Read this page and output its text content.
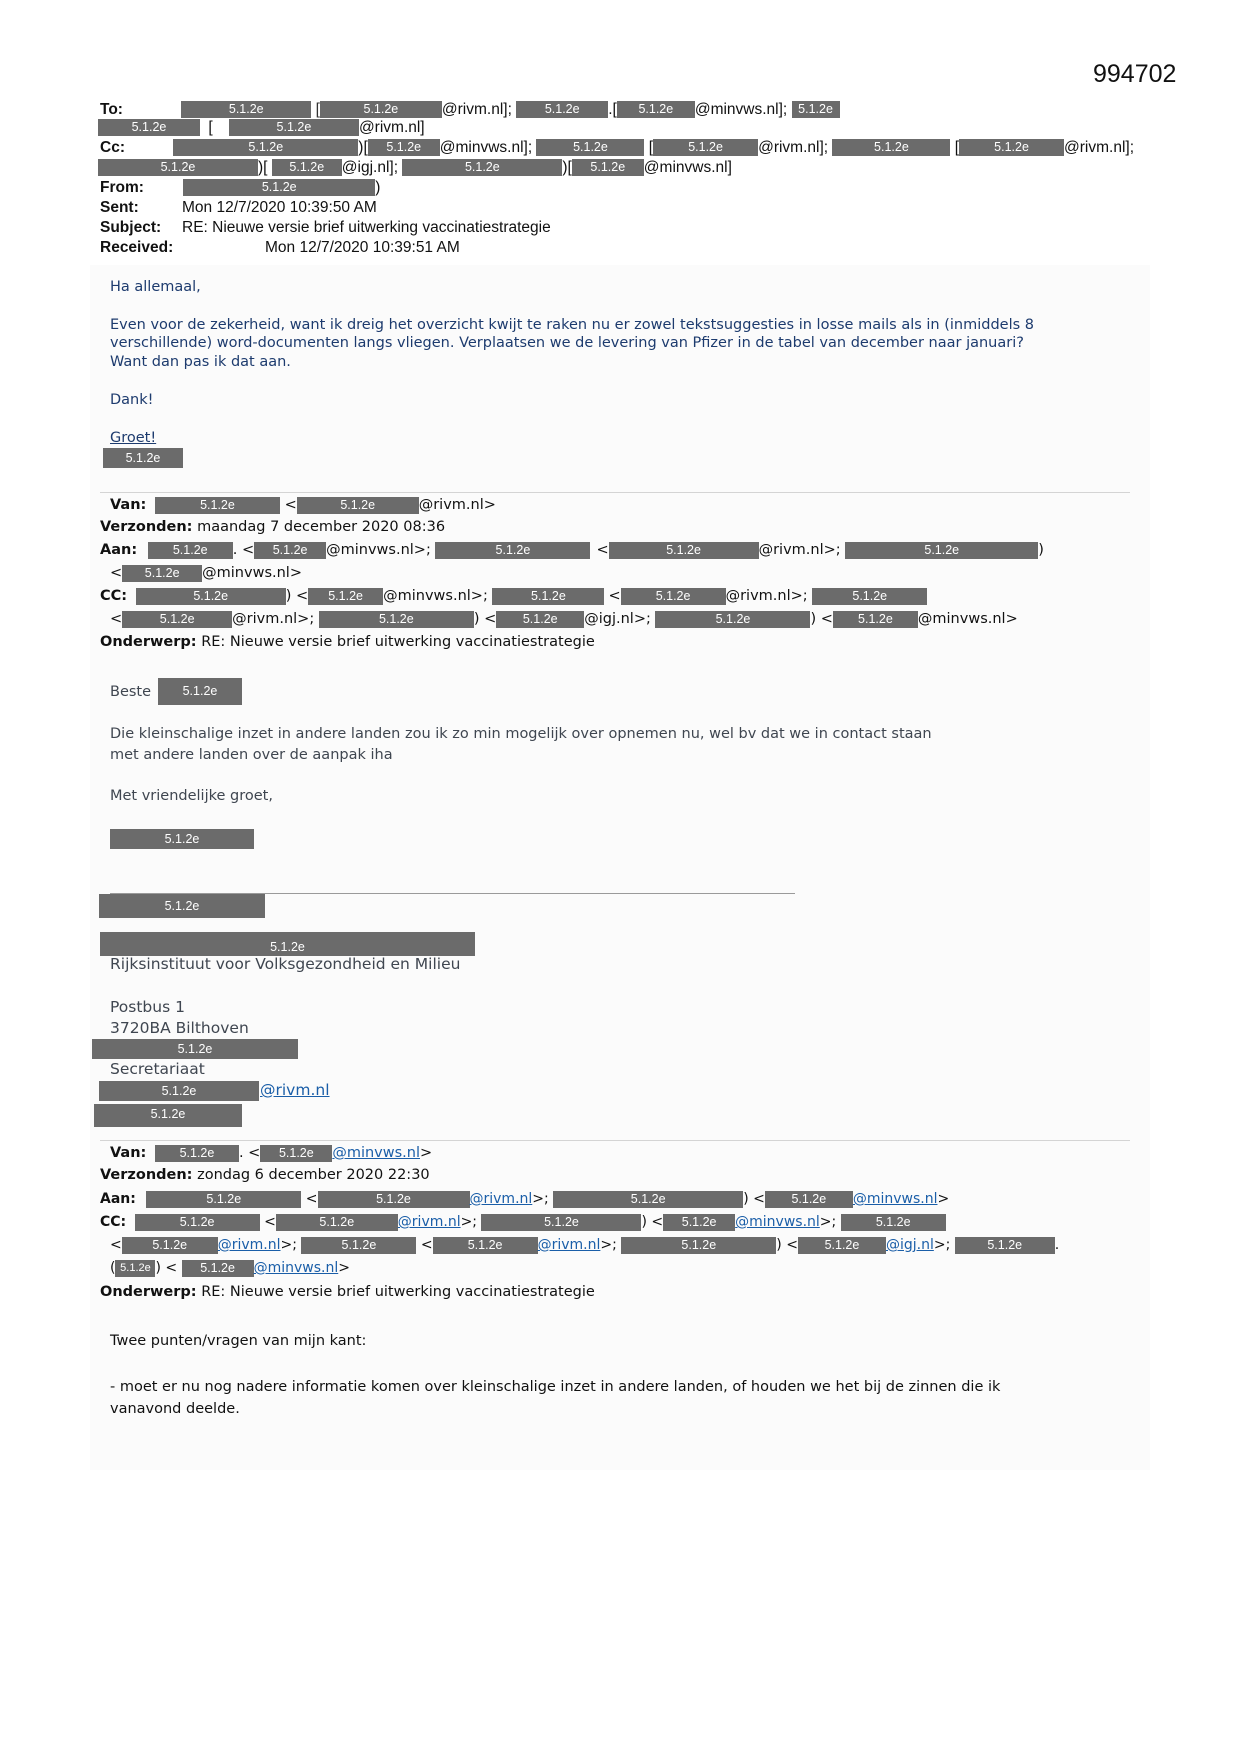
994702
To:	5.1.2e	[	5.1.2e	@rivm.nl];	5.1.2e .[ 5.1.2e @minvws.nl]; 5.1.2e
5.1.2e	[	5.1.2e	@rivm.nl]
Cc:	5.1.2e	)[ 5.1.2e @minvws.nl];	5.1.2e [	5.1.2e @rivm.nl];	5.1.2e	[	5.1.2e @rivm.nl];
5.1.2e	)[ 5.1.2e @igj.nl];	5.1.2e	)[ 5.1.2e @minvws.nl]
From:	5.1.2e	)
Sent:	Mon 12/7/2020 10:39:50 AM
Subject: RE: Nieuwe versie brief uitwerking vaccinatiestrategie
Received:	Mon 12/7/2020 10:39:51 AM
Ha allemaal,
Even voor de zekerheid, want ik dreig het overzicht kwijt te raken nu er zowel tekstsuggesties in losse mails als in (inmiddels 8
verschillende) word-documenten langs vliegen. Verplaatsen we de levering van Pfizer in de tabel van december naar januari?
Want dan pas ik dat aan.
Dank!
Groet!
5.1.2e
Van:	5.1.2e	<	5.1.2e	@rivm.nl>
Verzonden: maandag 7 december 2020 08:36
Aan:	5.1.2e . < 5.1.2e @minvws.nl>;	5.1.2e	<	5.1.2e	@rivm.nl>;	5.1.2e	)
< 5.1.2e @minvws.nl>
CC:	5.1.2e	) < 5.1.2e @minvws.nl>;	5.1.2e	<	5.1.2e @rivm.nl>;	5.1.2e
<	5.1.2e	@rivm.nl>;	5.1.2e	) < 5.1.2e @igj.nl>;	5.1.2e	) < 5.1.2e @minvws.nl>
Onderwerp: RE: Nieuwe versie brief uitwerking vaccinatiestrategie
Beste	5.1.2e
Die kleinschalige inzet in andere landen zou ik zo min mogelijk over opnemen nu, wel bv dat we in contact staan
met andere landen over de aanpak iha
Met vriendelijke groet,
5.1.2e
5.1.2e
5.1.2e
Rijksinstituut voor Volksgezondheid en Milieu
Postbus 1
3720BA Bilthoven
5.1.2e
Secretariaat
5.1.2e	@rivm.nl
5.1.2e
Van:	5.1.2e . < 5.1.2e @minvws.nl>
Verzonden: zondag 6 december 2020 22:30
Aan:	5.1.2e	<	5.1.2e	@rivm.nl>;	5.1.2e	) < 5.1.2e @minvws.nl>
CC:	5.1.2e	<	5.1.2e	@rivm.nl>;	5.1.2e	) < 5.1.2e @minvws.nl>;	5.1.2e
< 5.1.2e @rivm.nl>;	5.1.2e	<	5.1.2e	@rivm.nl>;	5.1.2e	) < 5.1.2e @igj.nl>;	5.1.2e .
( 5.1.2e ) < 5.1.2e @minvws.nl>
Onderwerp: RE: Nieuwe versie brief uitwerking vaccinatiestrategie
Twee punten/vragen van mijn kant:
- moet er nu nog nadere informatie komen over kleinschalige inzet in andere landen, of houden we het bij de zinnen die ik
vanavond deelde.
